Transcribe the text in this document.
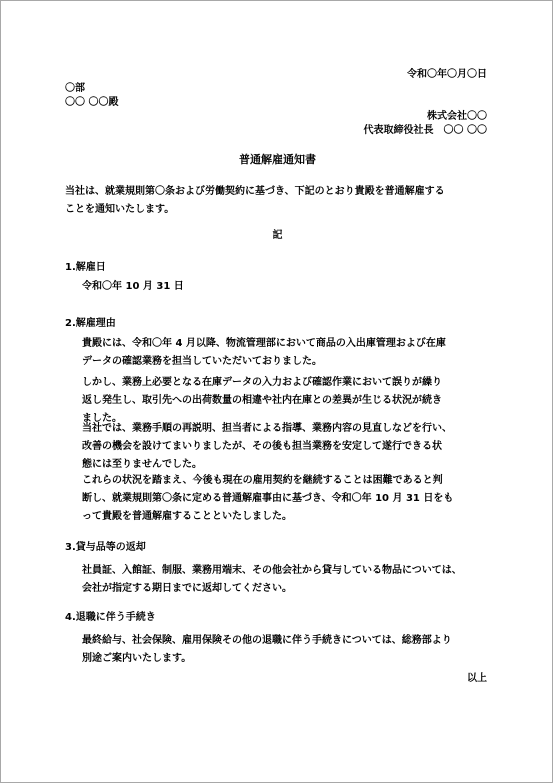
令和〇年〇月〇日
〇部
〇〇 〇〇殿
株式会社〇〇
代表取締役社長　〇〇 〇〇
普通解雇通知書
当社は、就業規則第〇条および労働契約に基づき、下記のとおり貴殿を普通解雇する
ことを通知いたします。
記
1.解雇日
令和〇年 10 月 31 日
2.解雇理由
貴殿には、令和〇年 4 月以降、物流管理部において商品の入出庫管理および在庫
データの確認業務を担当していただいておりました。
しかし、業務上必要となる在庫データの入力および確認作業において誤りが繰り
返し発生し、取引先への出荷数量の相違や社内在庫との差異が生じる状況が続き
ました。
当社では、業務手順の再説明、担当者による指導、業務内容の見直しなどを行い、
改善の機会を設けてまいりましたが、その後も担当業務を安定して遂行できる状
態には至りませんでした。
これらの状況を踏まえ、今後も現在の雇用契約を継続することは困難であると判
断し、就業規則第〇条に定める普通解雇事由に基づき、令和〇年 10 月 31 日をも
って貴殿を普通解雇することといたしました。
3.貸与品等の返却
社員証、入館証、制服、業務用端末、その他会社から貸与している物品については、
会社が指定する期日までに返却してください。
4.退職に伴う手続き
最終給与、社会保険、雇用保険その他の退職に伴う手続きについては、総務部より
別途ご案内いたします。
以上
